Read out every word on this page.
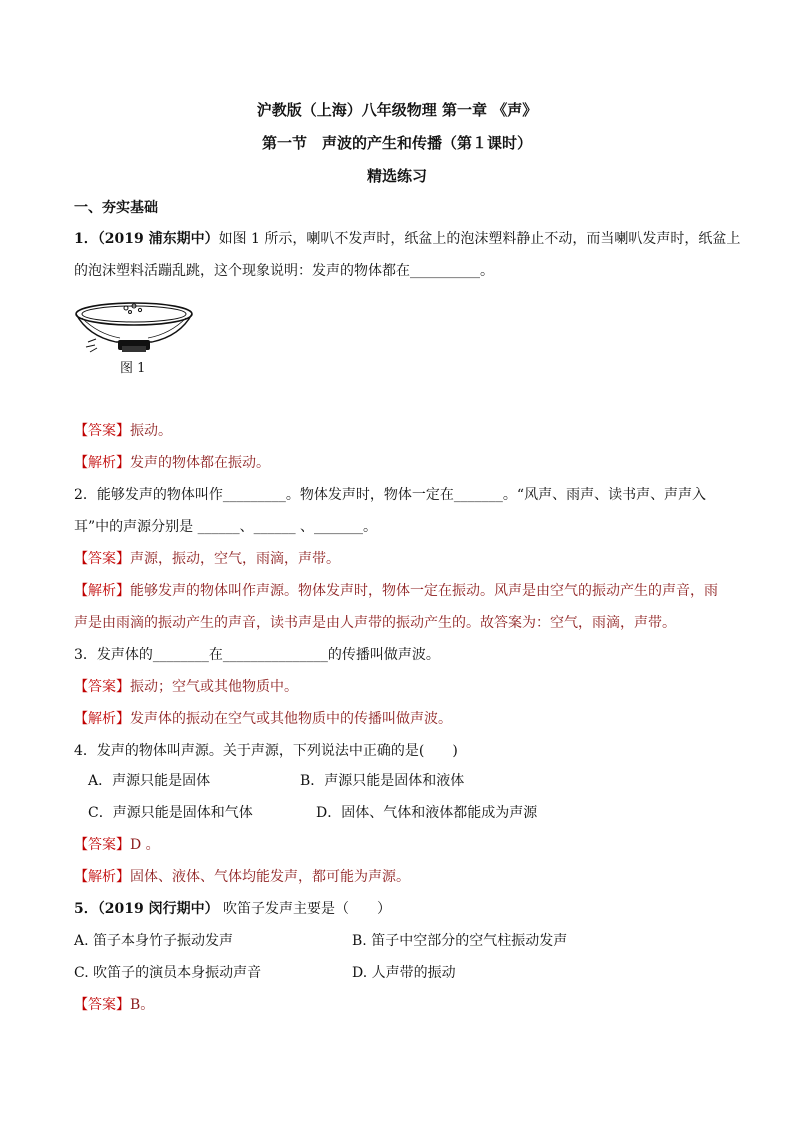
沪教版（上海）八年级物理 第一章 《声》
第一节　声波的产生和传播（第１课时）
精选练习
一、夯实基础
1．（2019 浦东期中）如图 1 所示，喇叭不发声时，纸盆上的泡沫塑料静止不动，而当喇叭发声时，纸盆上
的泡沫塑料活蹦乱跳，这个现象说明：发声的物体都在__________。
图 1
【答案】振动。
【解析】发声的物体都在振动。
2．能够发声的物体叫作_________。物体发声时，物体一定在_______。“风声、雨声、读书声、声声入
耳”中的声源分别是 ______、______ 、_______。
【答案】声源，振动，空气，雨滴，声带。
【解析】能够发声的物体叫作声源。物体发声时，物体一定在振动。风声是由空气的振动产生的声音，雨
声是由雨滴的振动产生的声音，读书声是由人声带的振动产生的。故答案为：空气，雨滴，声带。
3．发声体的________在_______________的传播叫做声波。
【答案】振动；空气或其他物质中。
【解析】发声体的振动在空气或其他物质中的传播叫做声波。
4．发声的物体叫声源。关于声源，下列说法中正确的是(　　)
A．声源只能是固体	B．声源只能是固体和液体
C．声源只能是固体和气体	D．固体、气体和液体都能成为声源
【答案】D 。
【解析】固体、液体、气体均能发声，都可能为声源。
5．（2019 闵行期中） 吹笛子发声主要是（　　）
A. 笛子本身竹子振动发声	B. 笛子中空部分的空气柱振动发声
C. 吹笛子的演员本身振动声音	D. 人声带的振动
【答案】B。
